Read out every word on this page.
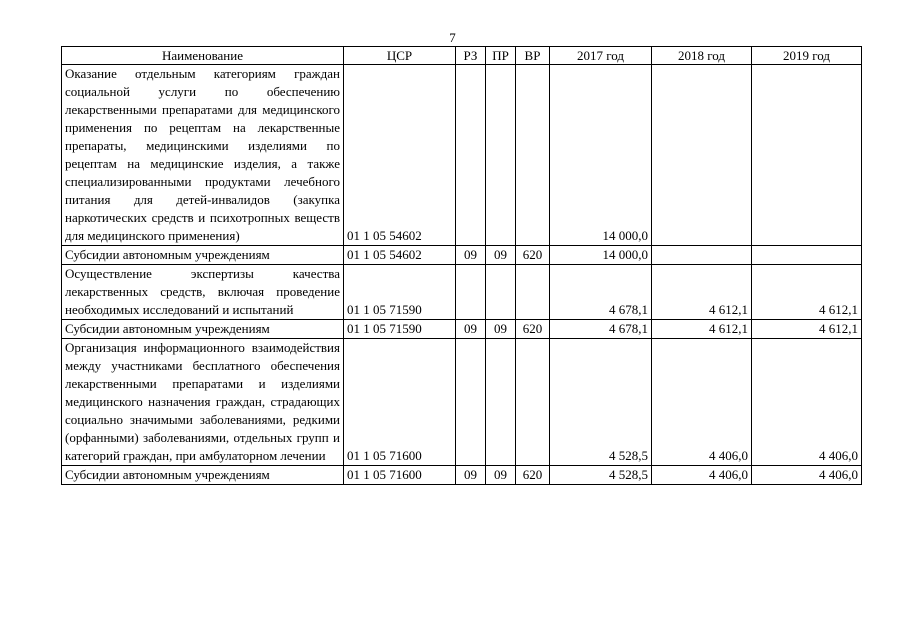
7
Наименование	ЦСР	РЗ	ПР	ВР	2017 год	2018 год	2019 год
Оказание отдельным категориям граждан социальной услуги по обеспечению лекарственными препаратами для медицинского применения по рецептам на лекарственные препараты, медицинскими изделиями по рецептам на медицинские изделия, а также специализированными продуктами лечебного питания для детей-инвалидов (закупка наркотических средств и психотропных веществ для медицинского применения)	01 1 05 54602				14 000,0		
Субсидии автономным учреждениям	01 1 05 54602	09	09	620	14 000,0		
Осуществление экспертизы качества лекарственных средств, включая проведение необходимых исследований и испытаний	01 1 05 71590				4 678,1	4 612,1	4 612,1
Субсидии автономным учреждениям	01 1 05 71590	09	09	620	4 678,1	4 612,1	4 612,1
Организация информационного взаимодействия между участниками бесплатного обеспечения лекарственными препаратами и изделиями медицинского назначения граждан, страдающих социально значимыми заболеваниями, редкими (орфанными) заболеваниями, отдельных групп и категорий граждан, при амбулаторном лечении	01 1 05 71600				4 528,5	4 406,0	4 406,0
Субсидии автономным учреждениям	01 1 05 71600	09	09	620	4 528,5	4 406,0	4 406,0
